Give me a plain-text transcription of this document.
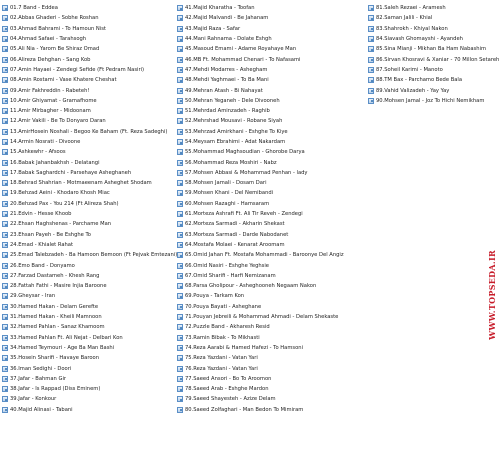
01.7 Band - Eddea
02.Abbas Ghaderi - Sobhe Roshan
03.Ahmad Bahrami - To Hamoun Nist
04.Ahmad Safaei - Tarahsogh
05.Ali Nia - Yarom Be Shiraz Omad
06.Alireza Dehghan - Sang Kob
07.Amin Hayaei - Zendegi Sefide (Ft Pedram Nasiri)
08.Amin Rostami - Vase Khatere Cheshat
09.Amir Fakhreddin - Rabeteh!
10.Amir Ghiyamat - Gramafhome
11.Amir Mirbagher - Midoonam
12.Amir Vakili - Be To Donyaro Daran
13.AmirHosein Noshali - Begoo Ke Baham (Ft. Reza Sadeghi)
14.Armin Nosrati - Divoone
15.Ashkewhr - Afsoos
16.Babak Jahanbakhsh - Delatangi
17.Babak Saghardchi - Parsehaye Asheghaneh
18.Behrad Shahrian - Motmaeenam Asheghet Shodam
19.Behzad Aeini - Khodaro Khosh Miac
20.Behzad Pax - You 214 (Ft Alireza Shah)
21.Edvin - Hesse Khoob
22.Ehsan Haghshenas - Parchame Man
23.Ehsan Payeh - Be Eshghe To
24.Emad - Khialet Rahat
25.Emad Talebzadeh - Ba Hamoon Bemoon (Ft Pejvak Emtezani)
26.Emo Band - Donyamo
27.Farzad Dastameh - Khesh Rang
28.Fattah Fathi - Masire Injia Baroone
29.Gheysar - Iran
30.Hamed Hakan - Delam Gerefte
31.Hamed Hakan - Kheili Mamnoon
32.Hamed Pahlan - Sanaz Khamoom
33.Hamed Pahlan Ft. Ali Nejat - Delbari Kon
34.Hamed Teymouri - Age Ba Man Bashi
35.Hosein Sharifi - Havaye Baroon
36.Iman Sedighi - Doori
37.Jafar - Bahman Gir
38.Jafar - Is Rappad (Diss Eminem)
39.Jafar - Konkour
40.Majid Alinasi - Tabani
41.Majid Kharatha - Toofan
42.Majid Malvandi - Be Jahanam
43.Majid Raza - Safar
44.Mani Rahnama - Dolate Eshgh
45.Masoud Emami - Adame Royahaye Man
46.MB Ft. Mohammad Chenari - To Nafasami
47.Mehdi Modarres - Ashegham
48.Mehdi Yaghmaei - To Ba Mani
49.Mehran Atash - Bi Nahayat
50.Mehran Yeganeh - Dele Divooneh
51.Mehrdad Aminzadeh - Raghib
52.Mehrshad Mousavi - Robane Siyah
53.Mehrzad Amirkhani - Eshghe To Kiye
54.Meysam Ebrahimi - Adat Nakardam
55.Mohammad Maghsoudian - Ghorobe Darya
56.Mohammad Reza Moshiri - Nabz
57.Mohsen Abbasi & Mohammad Penhan - lady
58.Mohsen Jamali - Dosam Dari
59.Mohsen Khani - Del Nemibandi
60.Mohsen Razaghi - Hamsaram
61.Morteza Ashrafi Ft. Ali Tir Reveh - Zendegi
62.Morteza Sarmadi - Akharin Shekast
63.Morteza Sarmadi - Darde Nabodanet
64.Mostafa Molaei - Kenarat Aroomam
65.Omid Jahan Ft. Mostafa Mohammadi - Baroonye Del Angiz
66.Omid Nasiri - Eshghe Yeghsie
67.Omid Sharifi - Harfi Nemizanam
68.Parsa Gholipour - Asheghooneh Negaam Nakon
69.Pouya - Tarkam Kon
70.Pouya Bayati - Asheghane
71.Pouyan Jebreili & Mohammad Ahmadi - Delam Shekaste
72.Puzzle Band - Akharesh Resid
73.Ramin Bibak - To Mikhasti
74.Reza Aarabi & Hamed Hafezi - To Hamsoni
75.Reza Yazdani - Vatan Yari
76.Reza Yazdani - Vatan Yari
77.Saeed Ansori - Bo To Aroomon
78.Saeed Arab - Eshghe Mardon
79.Saeed Shayesteh - Azize Delam
80.Saeed Zolfaghari - Man Bedon To Mimiram
81.Saleh Rezaei - Aramesh
82.Saman Jalili - Khial
83.Shahrokh - Khiyal Nakon
84.Siavash Ghomayshi - Ayandeh
85.Sina Mianji - Mikhan Ba Ham Nabashim
86.Sirvan Khosravi & Xaniar - 70 Millon Setareh
87.Soheil Karimi - Manoto
88.TM Bax - Parchamo Bede Bala
89.Vahid Valizadeh - Yay Yay
90.Mohsen Jamal - Joz To Hichi Nemikham
WWW.TOPSEDA.IR
